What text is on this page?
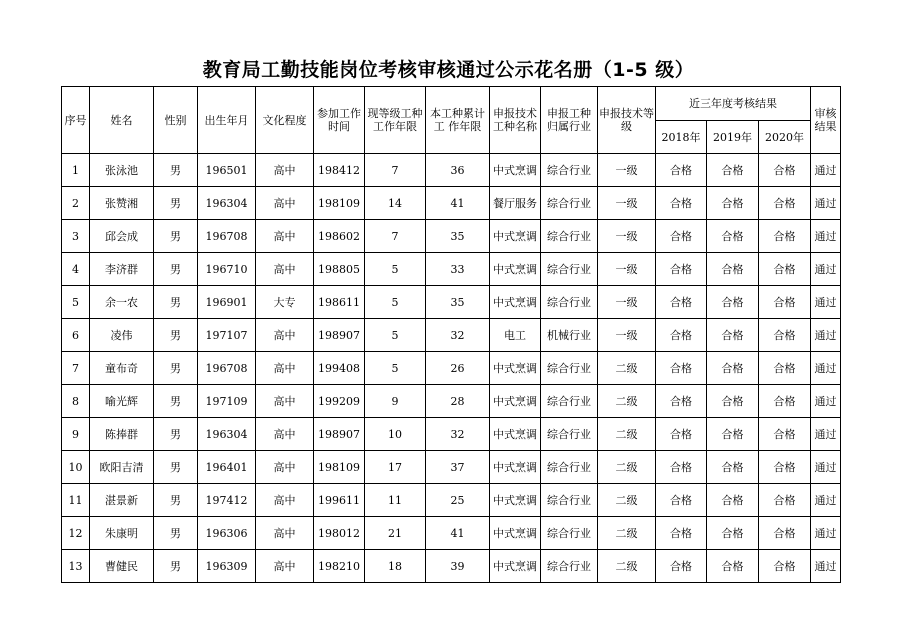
教育局工勤技能岗位考核审核通过公示花名册（1-5 级）
序号	姓名	性别	出生年月	文化程度	参加工作时间	现等级工种工作年限	本工种累计工 作年限	申报技术工种名称	申报工种归属行业	申报技术等级	近三年度考核结果			审核结果
											2018年	2019年	2020年	
1	张泳池	男	196501	高中	198412	7	36	中式烹调	综合行业	一级	合格	合格	合格	通过
2	张赞湘	男	196304	高中	198109	14	41	餐厅服务	综合行业	一级	合格	合格	合格	通过
3	邱会成	男	196708	高中	198602	7	35	中式烹调	综合行业	一级	合格	合格	合格	通过
4	李济群	男	196710	高中	198805	5	33	中式烹调	综合行业	一级	合格	合格	合格	通过
5	余一农	男	196901	大专	198611	5	35	中式烹调	综合行业	一级	合格	合格	合格	通过
6	凌伟	男	197107	高中	198907	5	32	电工	机械行业	一级	合格	合格	合格	通过
7	童布奇	男	196708	高中	199408	5	26	中式烹调	综合行业	二级	合格	合格	合格	通过
8	喻光辉	男	197109	高中	199209	9	28	中式烹调	综合行业	二级	合格	合格	合格	通过
9	陈捧群	男	196304	高中	198907	10	32	中式烹调	综合行业	二级	合格	合格	合格	通过
10	欧阳吉清	男	196401	高中	198109	17	37	中式烹调	综合行业	二级	合格	合格	合格	通过
11	湛景新	男	197412	高中	199611	11	25	中式烹调	综合行业	二级	合格	合格	合格	通过
12	朱康明	男	196306	高中	198012	21	41	中式烹调	综合行业	二级	合格	合格	合格	通过
13	曹健民	男	196309	高中	198210	18	39	中式烹调	综合行业	二级	合格	合格	合格	通过
